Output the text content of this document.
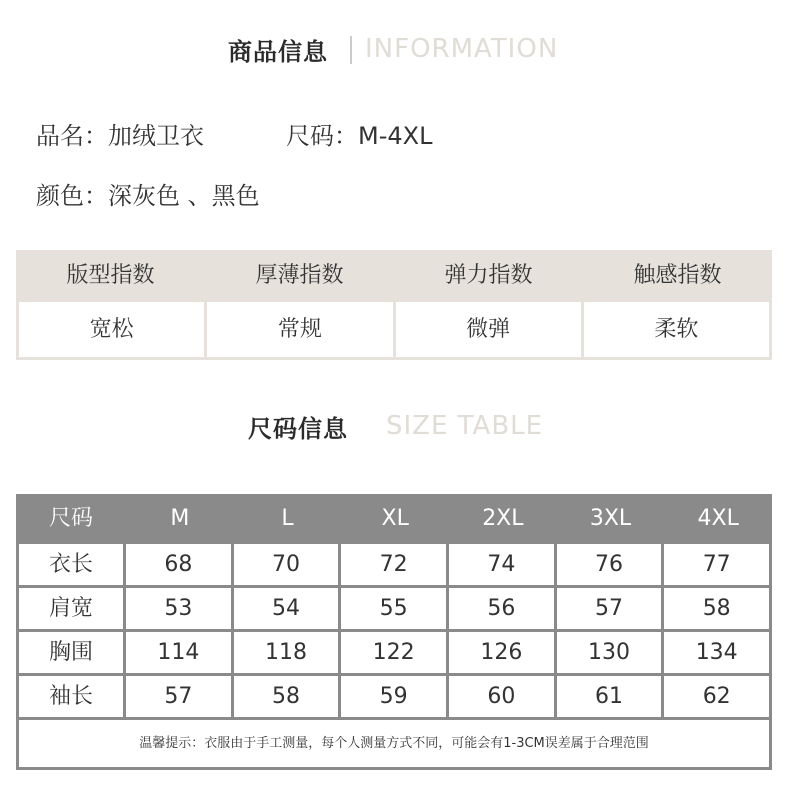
商品信息 INFORMATION
品名：加绒卫衣	尺码：M-4XL
颜色：深灰色 、黑色
版型指数	厚薄指数	弹力指数	触感指数
宽松	常规	微弹	柔软
尺码信息 SIZE TABLE
尺码	M	L	XL	2XL	3XL	4XL
衣长	68	70	72	74	76	77
肩宽	53	54	55	56	57	58
胸围	114	118	122	126	130	134
袖长	57	58	59	60	61	62
温馨提示：衣服由于手工测量，每个人测量方式不同，可能会有1-3CM误差属于合理范围
